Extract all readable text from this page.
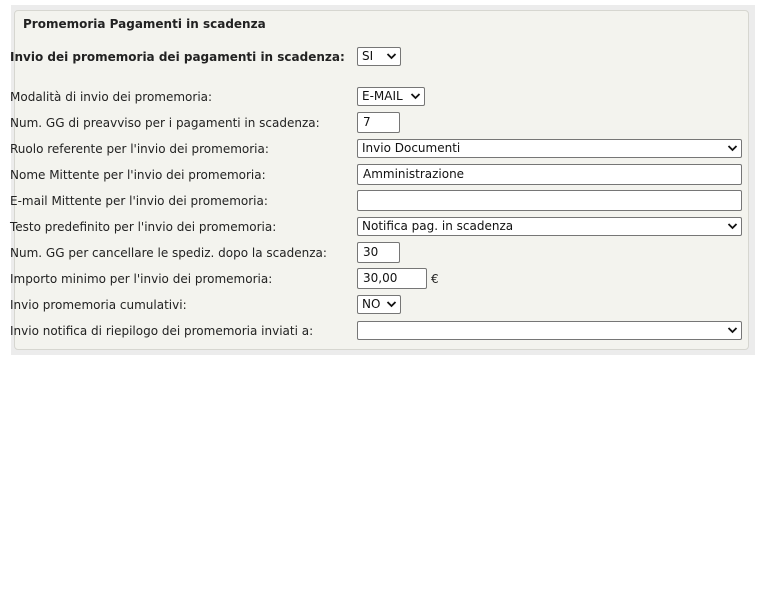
Promemoria Pagamenti in scadenza
Invio dei promemoria dei pagamenti in scadenza:	SI
Modalità di invio dei promemoria:	E-MAIL
Num. GG di preavviso per i pagamenti in scadenza:	7
Ruolo referente per l'invio dei promemoria:	Invio Documenti
Nome Mittente per l'invio dei promemoria:	Amministrazione
E-mail Mittente per l'invio dei promemoria:
Testo predefinito per l'invio dei promemoria:	Notifica pag. in scadenza
Num. GG per cancellare le spediz. dopo la scadenza:	30
Importo minimo per l'invio dei promemoria:	30,00	€
Invio promemoria cumulativi:	NO
Invio notifica di riepilogo dei promemoria inviati a:
